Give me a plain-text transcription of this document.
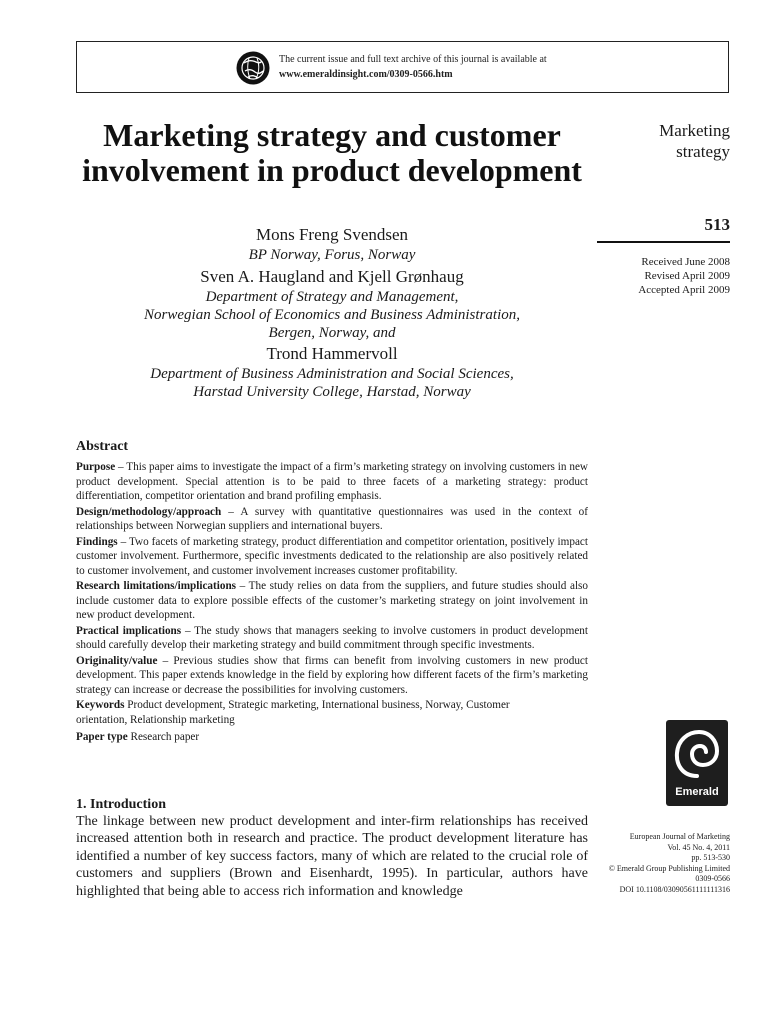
The current issue and full text archive of this journal is available at
www.emeraldinsight.com/0309-0566.htm
Marketing strategy and customer involvement in product development
Mons Freng Svendsen
BP Norway, Forus, Norway
Sven A. Haugland and Kjell Grønhaug
Department of Strategy and Management,
Norwegian School of Economics and Business Administration,
Bergen, Norway, and
Trond Hammervoll
Department of Business Administration and Social Sciences,
Harstad University College, Harstad, Norway
Abstract

Purpose – This paper aims to investigate the impact of a firm’s marketing strategy on involving customers in new product development. Special attention is to be paid to three facets of a marketing strategy: product differentiation, competitor orientation and brand profiling emphasis.

Design/methodology/approach – A survey with quantitative questionnaires was used in the context of relationships between Norwegian suppliers and international buyers.

Findings – Two facets of marketing strategy, product differentiation and competitor orientation, positively impact customer involvement. Furthermore, specific investments dedicated to the relationship are also positively related to customer involvement, and customer involvement increases customer profitability.

Research limitations/implications – The study relies on data from the suppliers, and future studies should also include customer data to explore possible effects of the customer’s marketing strategy on joint involvement in new product development.

Practical implications – The study shows that managers seeking to involve customers in product development should carefully develop their marketing strategy and build commitment through specific investments.

Originality/value – Previous studies show that firms can benefit from involving customers in new product development. This paper extends knowledge in the field by exploring how different facets of the firm’s marketing strategy can increase or decrease the possibilities for involving customers.

Keywords Product development, Strategic marketing, International business, Norway, Customer orientation, Relationship marketing

Paper type Research paper

1. Introduction

The linkage between new product development and inter-firm relationships has received increased attention both in research and practice. The product development literature has identified a number of key success factors, many of which are related to the crucial role of customers and suppliers (Brown and Eisenhardt, 1995). In particular, authors have highlighted that being able to access rich information and knowledge

Marketing
strategy
513
Received June 2008
Revised April 2009
Accepted April 2009
Emerald
European Journal of Marketing
Vol. 45 No. 4, 2011
pp. 513-530
© Emerald Group Publishing Limited
0309-0566
DOI 10.1108/03090561111111316
